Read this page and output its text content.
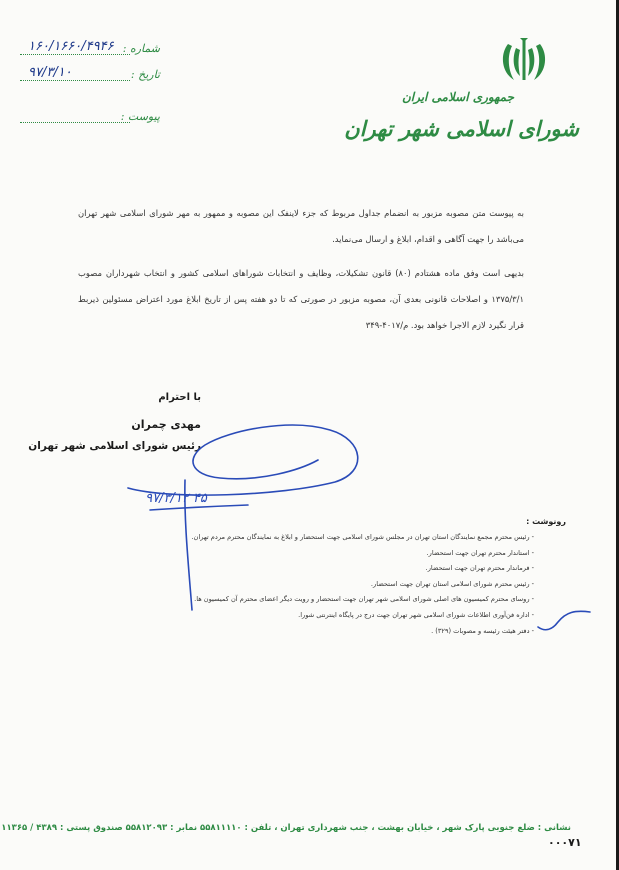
جمهوری اسلامی ایران
شورای اسلامی شهر تهران
شماره :
۱۶۰/۱۶۶۰/۴۹۴۶
تاریخ :
۹۷/۳/۱۰
پیوست :

به پیوست متن مصوبه مزبور به انضمام جداول مربوط که جزء لاینفک این مصوبه و ممهور به مهر شورای اسلامی شهر تهران می‌باشد را جهت آگاهی و اقدام، ابلاغ و ارسال می‌نماید.

بدیهی است وفق ماده هشتادم (۸۰) قانون تشکیلات، وظایف و انتخابات شوراهای اسلامی کشور و انتخاب شهرداران مصوب ۱۳۷۵/۳/۱ و اصلاحات قانونی بعدی آن، مصوبه مزبور در صورتی که تا دو هفته پس از تاریخ ابلاغ مورد اعتراض مسئولین ذیربط قرار نگیرد لازم الاجرا خواهد بود. م/۴۰۱۷-۳۴۹

با احترام
مهدی چمران
رئیس شورای اسلامی شهر تهران
رونوشت :
- رئیس محترم مجمع نمایندگان استان تهران در مجلس شورای اسلامی جهت استحضار و ابلاغ به نمایندگان محترم مردم تهران.
- استاندار محترم تهران جهت استحضار.
- فرماندار محترم تهران جهت استحضار.
- رئیس محترم شورای اسلامی استان تهران جهت استحضار.
- روسای محترم کمیسیون های اصلی شورای اسلامی شهر تهران جهت استحضار و رویت دیگر اعضای محترم آن کمیسیون ها.
- اداره فن‌آوری اطلاعات شورای اسلامی شهر تهران جهت درج در پایگاه اینترنتی شورا.
- دفتر هیئت رئیسه و مصوبات (۳۲۹) .
۹۷/۳/۱۲ ۴۵
نشانی : ضلع جنوبی پارک شهر ، خیابان بهشت ، جنب شهرداری تهران ، تلفن : ۵۵۸۱۱۱۱۰ نمابر : ۵۵۸۱۲۰۹۳ صندوق پستی : ۴۳۸۹ / ۱۱۳۶۵
۰۰۰۷۱
